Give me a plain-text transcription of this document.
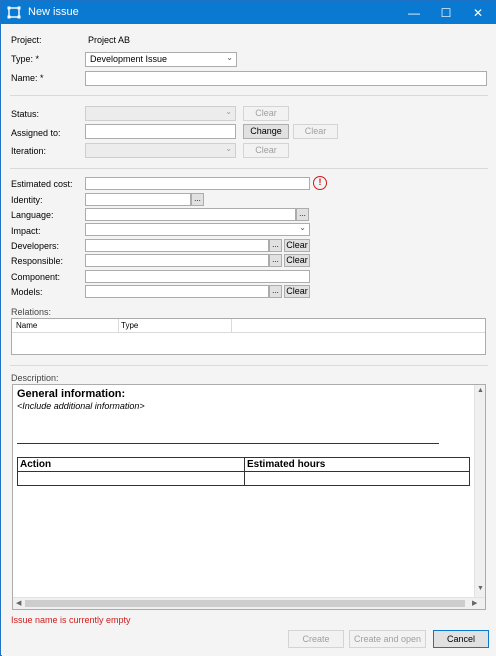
New issue	— ☐ ✕
Project:	Project AB
Type: *	Development Issue	⌄
Name: *
Status:	⌄	Clear
Assigned to:	Change	Clear
Iteration:	⌄	Clear
Estimated cost:	!
Identity:	...
Language:	...
Impact:	⌄
Developers:	... Clear
Responsible:	... Clear
Component:
Models:	... Clear
Relations:
Name	Type
Description:
General information:
<Include additional information>
Action	Estimated hours
▲
▼
◀	▶
Issue name is currently empty
Create	Create and open	Cancel
